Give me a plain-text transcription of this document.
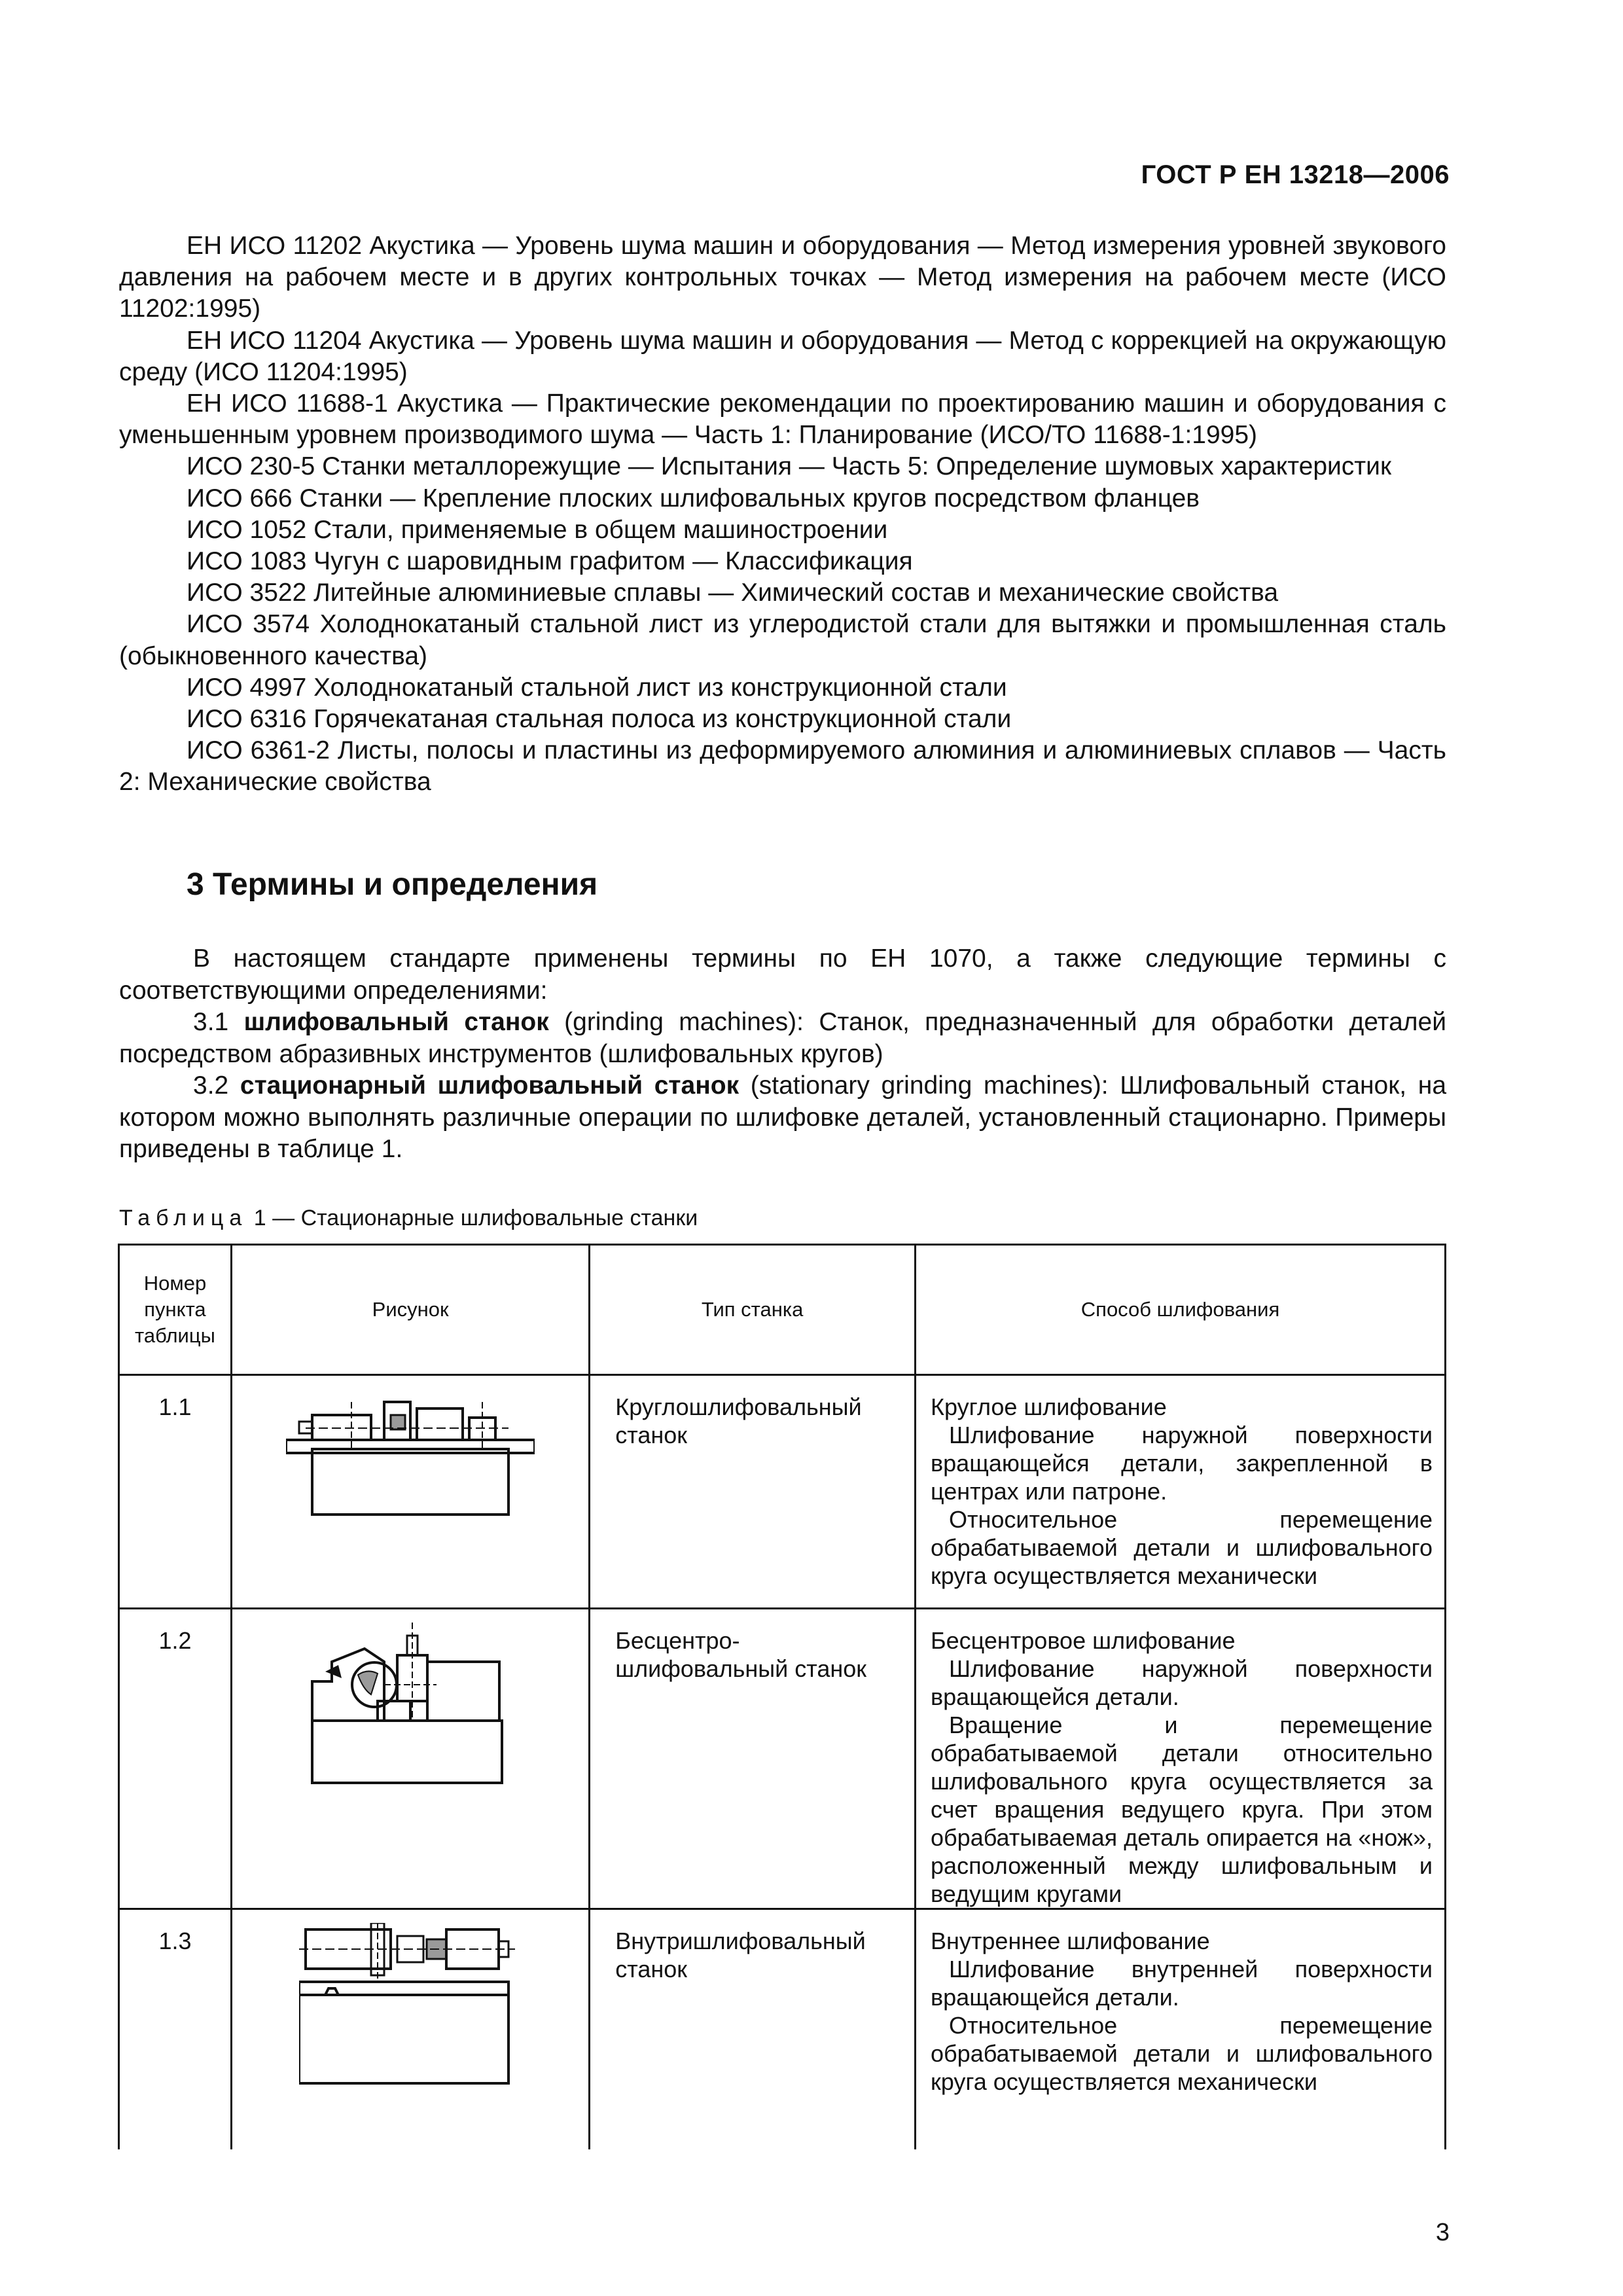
ГОСТ Р ЕН 13218—2006

ЕН ИСО 11202 Акустика — Уровень шума машин и оборудования — Метод измерения уровней звукового давления на рабочем месте и в других контрольных точках — Метод измерения на рабочем месте (ИСО 11202:1995)

ЕН ИСО 11204 Акустика — Уровень шума машин и оборудования — Метод с коррекцией на окружающую среду (ИСО 11204:1995)

ЕН ИСО 11688-1 Акустика — Практические рекомендации по проектированию машин и оборудования с уменьшенным уровнем производимого шума — Часть 1: Планирование (ИСО/ТО 11688-1:1995)

ИСО 230-5 Станки металлорежущие — Испытания — Часть 5: Определение шумовых характеристик

ИСО 666 Станки — Крепление плоских шлифовальных кругов посредством фланцев

ИСО 1052 Стали, применяемые в общем машиностроении

ИСО 1083 Чугун с шаровидным графитом — Классификация

ИСО 3522 Литейные алюминиевые сплавы — Химический состав и механические свойства

ИСО 3574 Холоднокатаный стальной лист из углеродистой стали для вытяжки и промышленная сталь (обыкновенного качества)

ИСО 4997 Холоднокатаный стальной лист из конструкционной стали

ИСО 6316 Горячекатаная стальная полоса из конструкционной стали

ИСО 6361-2 Листы, полосы и пластины из деформируемого алюминия и алюминиевых сплавов — Часть 2: Механические свойства

3 Термины и определения

В настоящем стандарте применены термины по ЕН 1070, а также следующие термины с соответствующими определениями:

3.1 шлифовальный станок (grinding machines): Станок, предназначенный для обработки деталей посредством абразивных инструментов (шлифовальных кругов)

3.2 стационарный шлифовальный станок (stationary grinding machines): Шлифовальный станок, на котором можно выполнять различные операции по шлифовке деталей, установленный стационарно. Примеры приведены в таблице 1.

Таблица 1 — Стационарные шлифовальные станки
Номер пункта таблицы	Рисунок	Тип станка	Способ шлифования
1.1		Круглошлифовальный станок	Круглое шлифование
Шлифование наружной поверхности вращающейся детали, закрепленной в центрах или патроне.
Относительное перемещение обрабатываемой детали и шлифовального круга осуществляется механически

1.2		Бесцентро-шлифовальный станок	Бесцентровое шлифование
Шлифование наружной поверхности вращающейся детали.
Вращение и перемещение обрабатываемой детали относительно шлифовального круга осуществляется за счет вращения ведущего круга. При этом обрабатываемая деталь опирается на «нож», расположенный между шлифовальным и ведущим кругами

1.3		Внутришлифовальный станок	Внутреннее шлифование
Шлифование внутренней поверхности вращающейся детали.
Относительное перемещение обрабатываемой детали и шлифовального круга осуществляется механически
3
